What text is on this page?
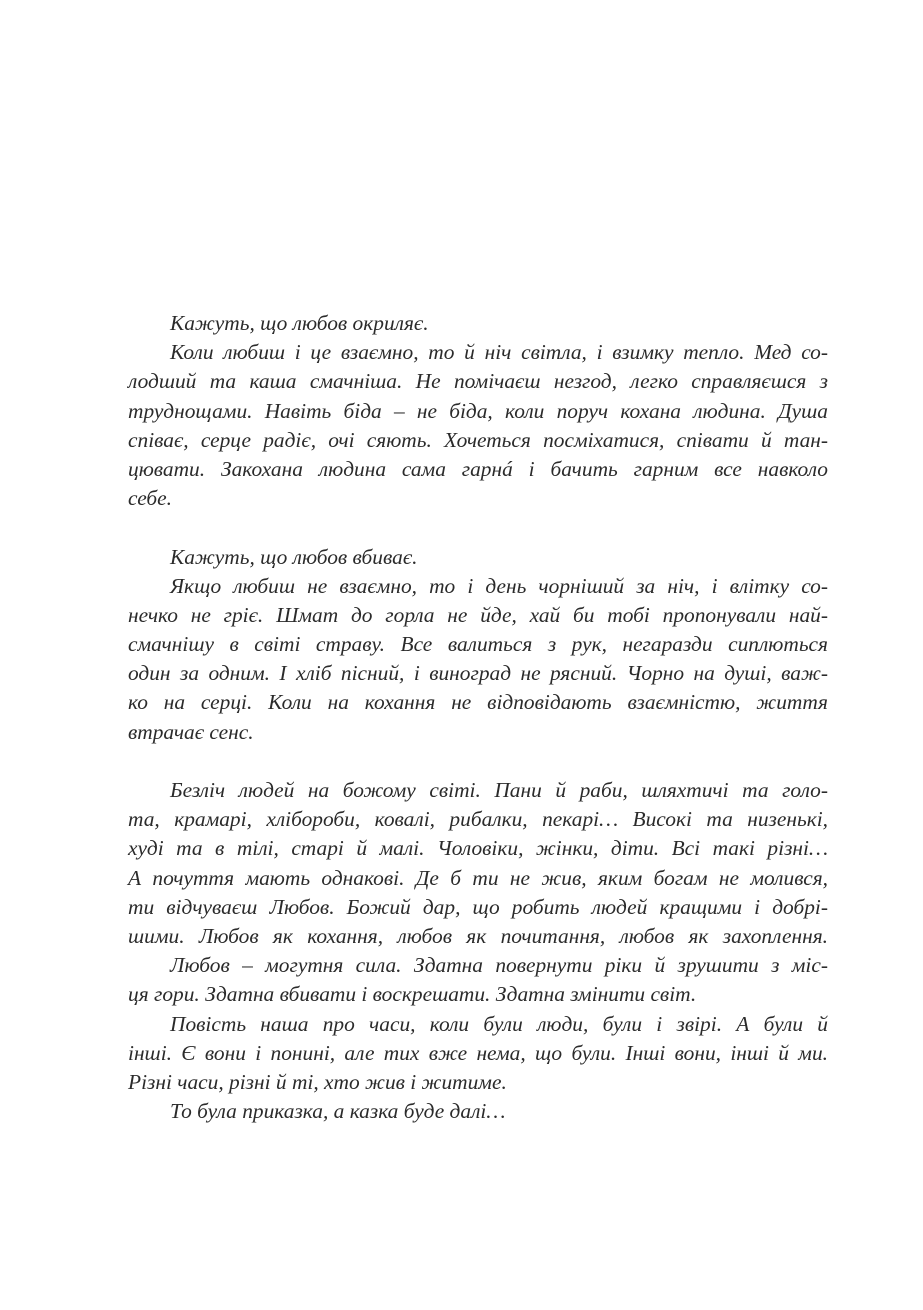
Кажуть, що любов окриляє.
Коли любиш і це взаємно, то й ніч світла, і взимку тепло. Мед со-
лодший та каша смачніша. Не помічаєш незгод, легко справляєшся з
труднощами. Навіть біда – не біда, коли поруч кохана людина. Душа
співає, серце радіє, очі сяють. Хочеться посміхатися, співати й тан-
цювати. Закохана людина сама гарнá і бачить гарним все навколо
себе.
Кажуть, що любов вбиває.
Якщо любиш не взаємно, то і день чорніший за ніч, і влітку со-
нечко не гріє. Шмат до горла не йде, хай би тобі пропонували най-
смачнішу в світі страву. Все валиться з рук, негаразди сиплються
один за одним. І хліб пісний, і виноград не рясний. Чорно на душі, важ-
ко на серці. Коли на кохання не відповідають взаємністю, життя
втрачає сенс.
Безліч людей на божому світі. Пани й раби, шляхтичі та голо-
та, крамарі, хлібороби, ковалі, рибалки, пекарі… Високі та низенькі,
худі та в тілі, старі й малі. Чоловіки, жінки, діти. Всі такі різні…
А почуття мають однакові. Де б ти не жив, яким богам не молився,
ти відчуваєш Любов. Божий дар, що робить людей кращими і добрі-
шими. Любов як кохання, любов як почитання, любов як захоплення.
Любов – могутня сила. Здатна повернути ріки й зрушити з міс-
ця гори. Здатна вбивати і воскрешати. Здатна змінити світ.
Повість наша про часи, коли були люди, були і звірі. А були й
інші. Є вони і понині, але тих вже нема, що були. Інші вони, інші й ми.
Різні часи, різні й ті, хто жив і житиме.
То була приказка, а казка буде далі…
